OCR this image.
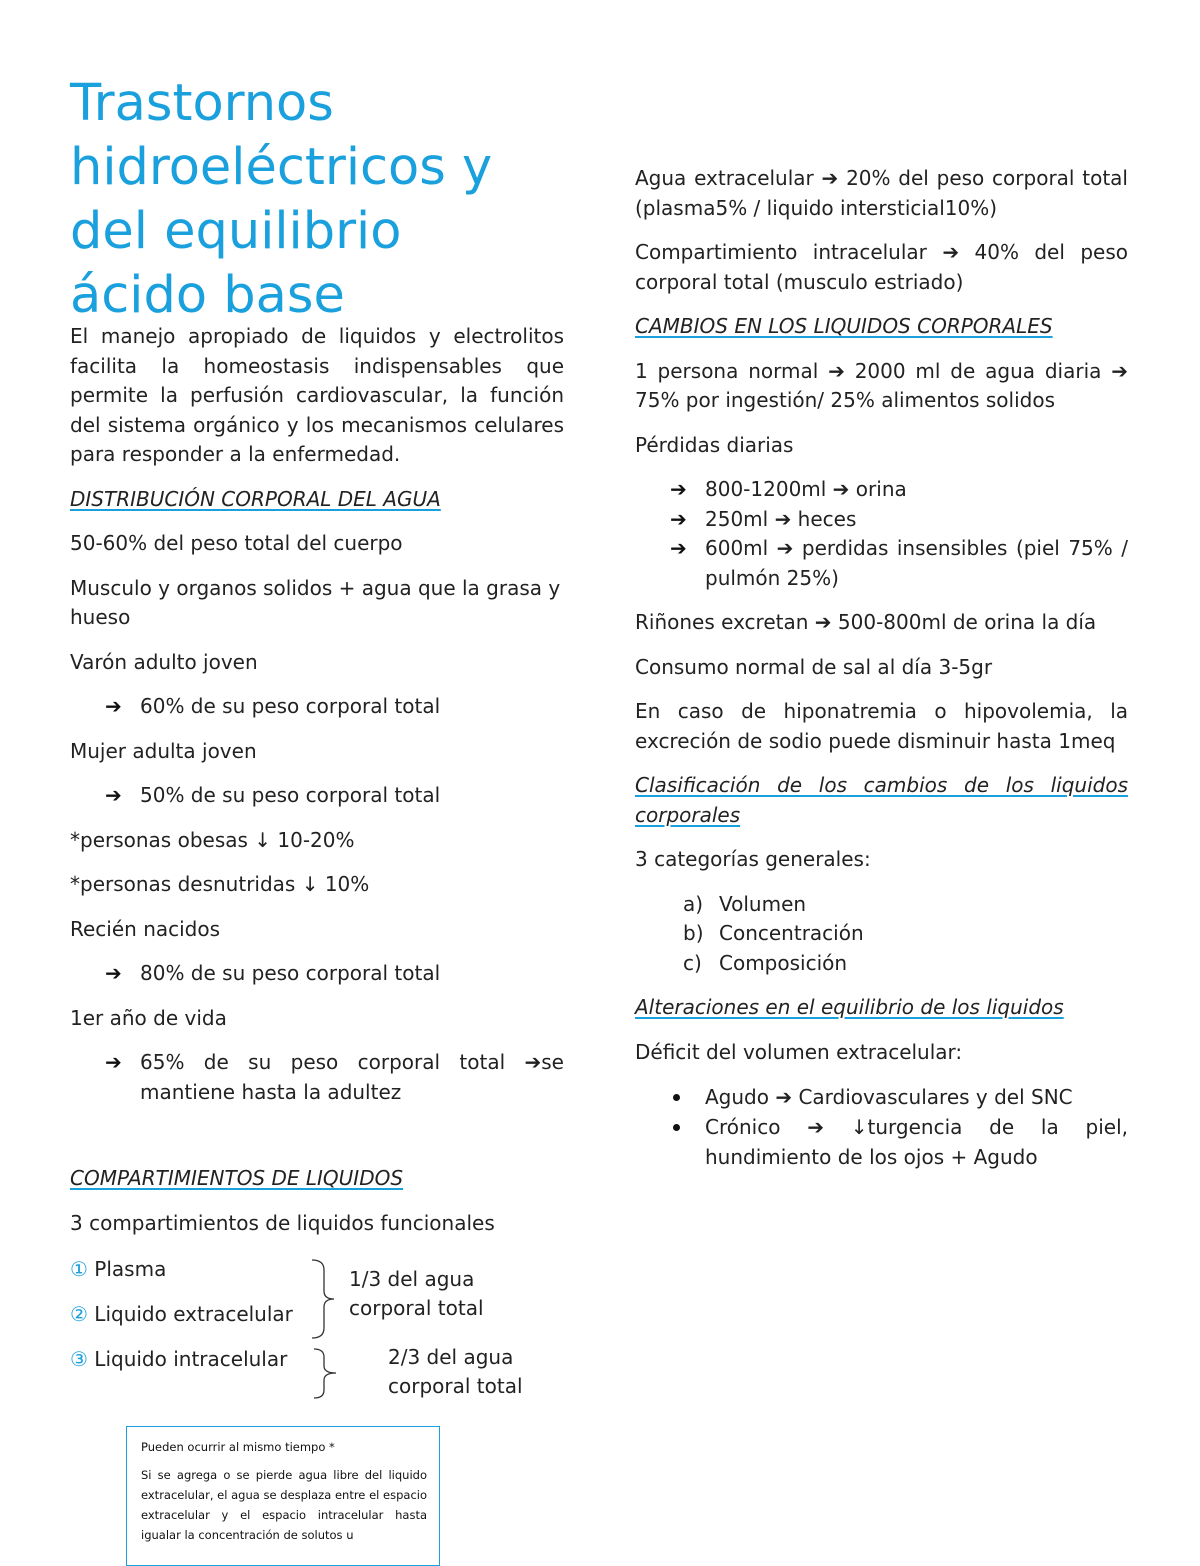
Trastornos
hidroeléctricos y
del equilibrio
ácido base

El manejo apropiado de liquidos y electrolitos facilita la homeostasis indispensables que permite la perfusión cardiovascular, la función del sistema orgánico y los mecanismos celulares para responder a la enfermedad.

DISTRIBUCIÓN CORPORAL DEL AGUA

50-60% del peso total del cuerpo

Musculo y organos solidos + agua que la grasa y hueso

Varón adulto joven

➔ 60% de su peso corporal total

Mujer adulta joven

➔ 50% de su peso corporal total

*personas obesas ↓ 10-20%

*personas desnutridas ↓ 10%

Recién nacidos

➔ 80% de su peso corporal total

1er año de vida

➔ 65% de su peso corporal total ➔se mantiene hasta la adultez

COMPARTIMIENTOS DE LIQUIDOS

3 compartimientos de liquidos funcionales

① Plasma
② Liquido extracelular
③ Liquido intracelular
1/3 del agua corporal total
2/3 del agua corporal total

Pueden ocurrir al mismo tiempo *

Si se agrega o se pierde agua libre del liquido extracelular, el agua se desplaza entre el espacio extracelular y el espacio intracelular hasta igualar la concentración de solutos u

Agua extracelular ➔ 20% del peso corporal total (plasma5% / liquido intersticial10%)

Compartimiento intracelular ➔ 40% del peso corporal total (musculo estriado)

CAMBIOS EN LOS LIQUIDOS CORPORALES

1 persona normal ➔ 2000 ml de agua diaria ➔ 75% por ingestión/ 25% alimentos solidos

Pérdidas diarias

➔ 800-1200ml ➔ orina
➔ 250ml ➔ heces
➔ 600ml ➔ perdidas insensibles (piel 75% / pulmón 25%)

Riñones excretan ➔ 500-800ml de orina la día

Consumo normal de sal al día 3-5gr

En caso de hiponatremia o hipovolemia, la excreción de sodio puede disminuir hasta 1meq

Clasificación de los cambios de los liquidos corporales

3 categorías generales:

a) Volumen
b) Concentración
c) Composición

Alteraciones en el equilibrio de los liquidos

Déficit del volumen extracelular:

Agudo ➔ Cardiovasculares y del SNC
Crónico ➔ ↓turgencia de la piel, hundimiento de los ojos + Agudo
